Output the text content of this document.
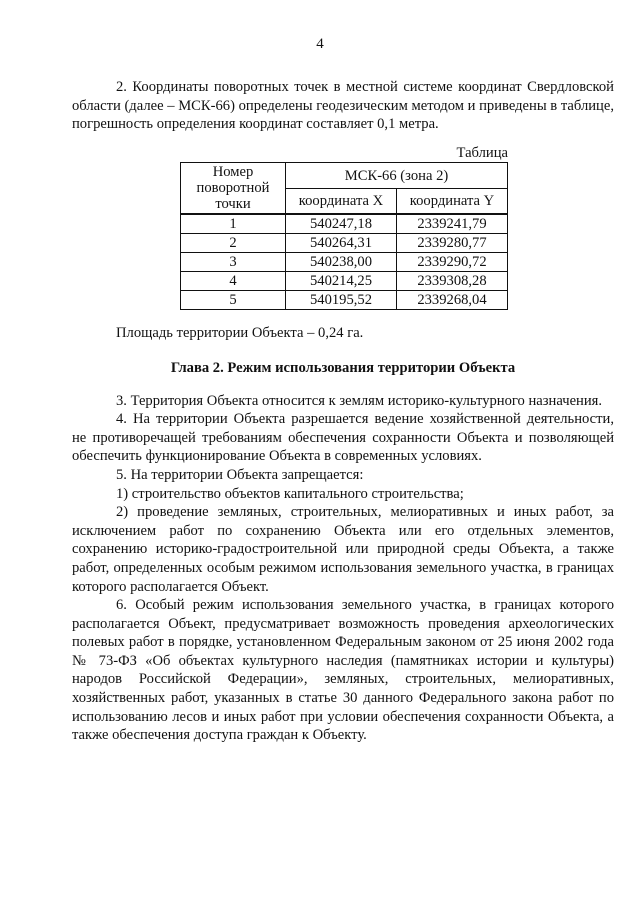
4

2. Координаты поворотных точек в местной системе координат Свердловской области (далее – МСК-66) определены геодезическим методом и приведены в таблице, погрешность определения координат составляет 0,1 метра.

Таблица
Номер поворотной точки	МСК-66 (зона 2)	
	координата X	координата Y
1	540247,18	2339241,79
2	540264,31	2339280,77
3	540238,00	2339290,72
4	540214,25	2339308,28
5	540195,52	2339268,04

Площадь территории Объекта – 0,24 га.

Глава 2. Режим использования территории Объекта

3. Территория Объекта относится к землям историко-культурного назначения.

4. На территории Объекта разрешается ведение хозяйственной деятельности, не противоречащей требованиям обеспечения сохранности Объекта и позволяющей обеспечить функционирование Объекта в современных условиях.

5. На территории Объекта запрещается:

1) строительство объектов капитального строительства;

2) проведение земляных, строительных, мелиоративных и иных работ, за исключением работ по сохранению Объекта или его отдельных элементов, сохранению историко-градостроительной или природной среды Объекта, а также работ, определенных особым режимом использования земельного участка, в границах которого располагается Объект.

6. Особый режим использования земельного участка, в границах которого располагается Объект, предусматривает возможность проведения археологических полевых работ в порядке, установленном Федеральным законом от 25 июня 2002 года № 73-ФЗ «Об объектах культурного наследия (памятниках истории и культуры) народов Российской Федерации», земляных, строительных, мелиоративных, хозяйственных работ, указанных в статье 30 данного Федерального закона работ по использованию лесов и иных работ при условии обеспечения сохранности Объекта, а также обеспечения доступа граждан к Объекту.
